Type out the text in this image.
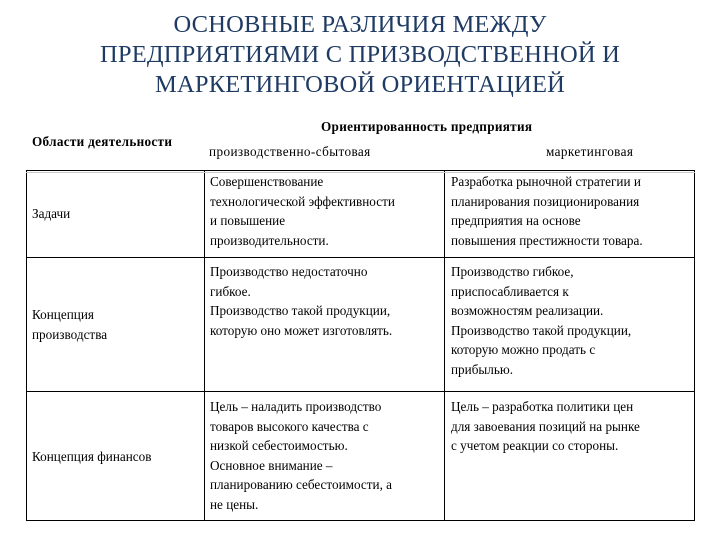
ОСНОВНЫЕ РАЗЛИЧИЯ МЕЖДУ
ПРЕДПРИЯТИЯМИ С ПРИЗВОДСТВЕННОЙ И
МАРКЕТИНГОВОЙ ОРИЕНТАЦИЕЙ
Области деятельности
Ориентированность предприятия
производственно-сбытовая	маркетинговая
Задачи
Совершенствование
технологической эффективности
и повышение
производительности.
Разработка рыночной стратегии и
планирования позиционирования
предприятия на основе
повышения престижности товара.
Концепция
производства
Производство недостаточно
гибкое.
Производство такой продукции,
которую оно может изготовлять.
Производство гибкое,
приспосабливается к
возможностям реализации.
Производство такой продукции,
которую можно продать с
прибылью.
Концепция финансов
Цель – наладить производство
товаров высокого качества с
низкой себестоимостью.
Основное внимание –
планированию себестоимости, а
не цены.
Цель – разработка политики цен
для завоевания позиций на рынке
с учетом реакции со стороны.
